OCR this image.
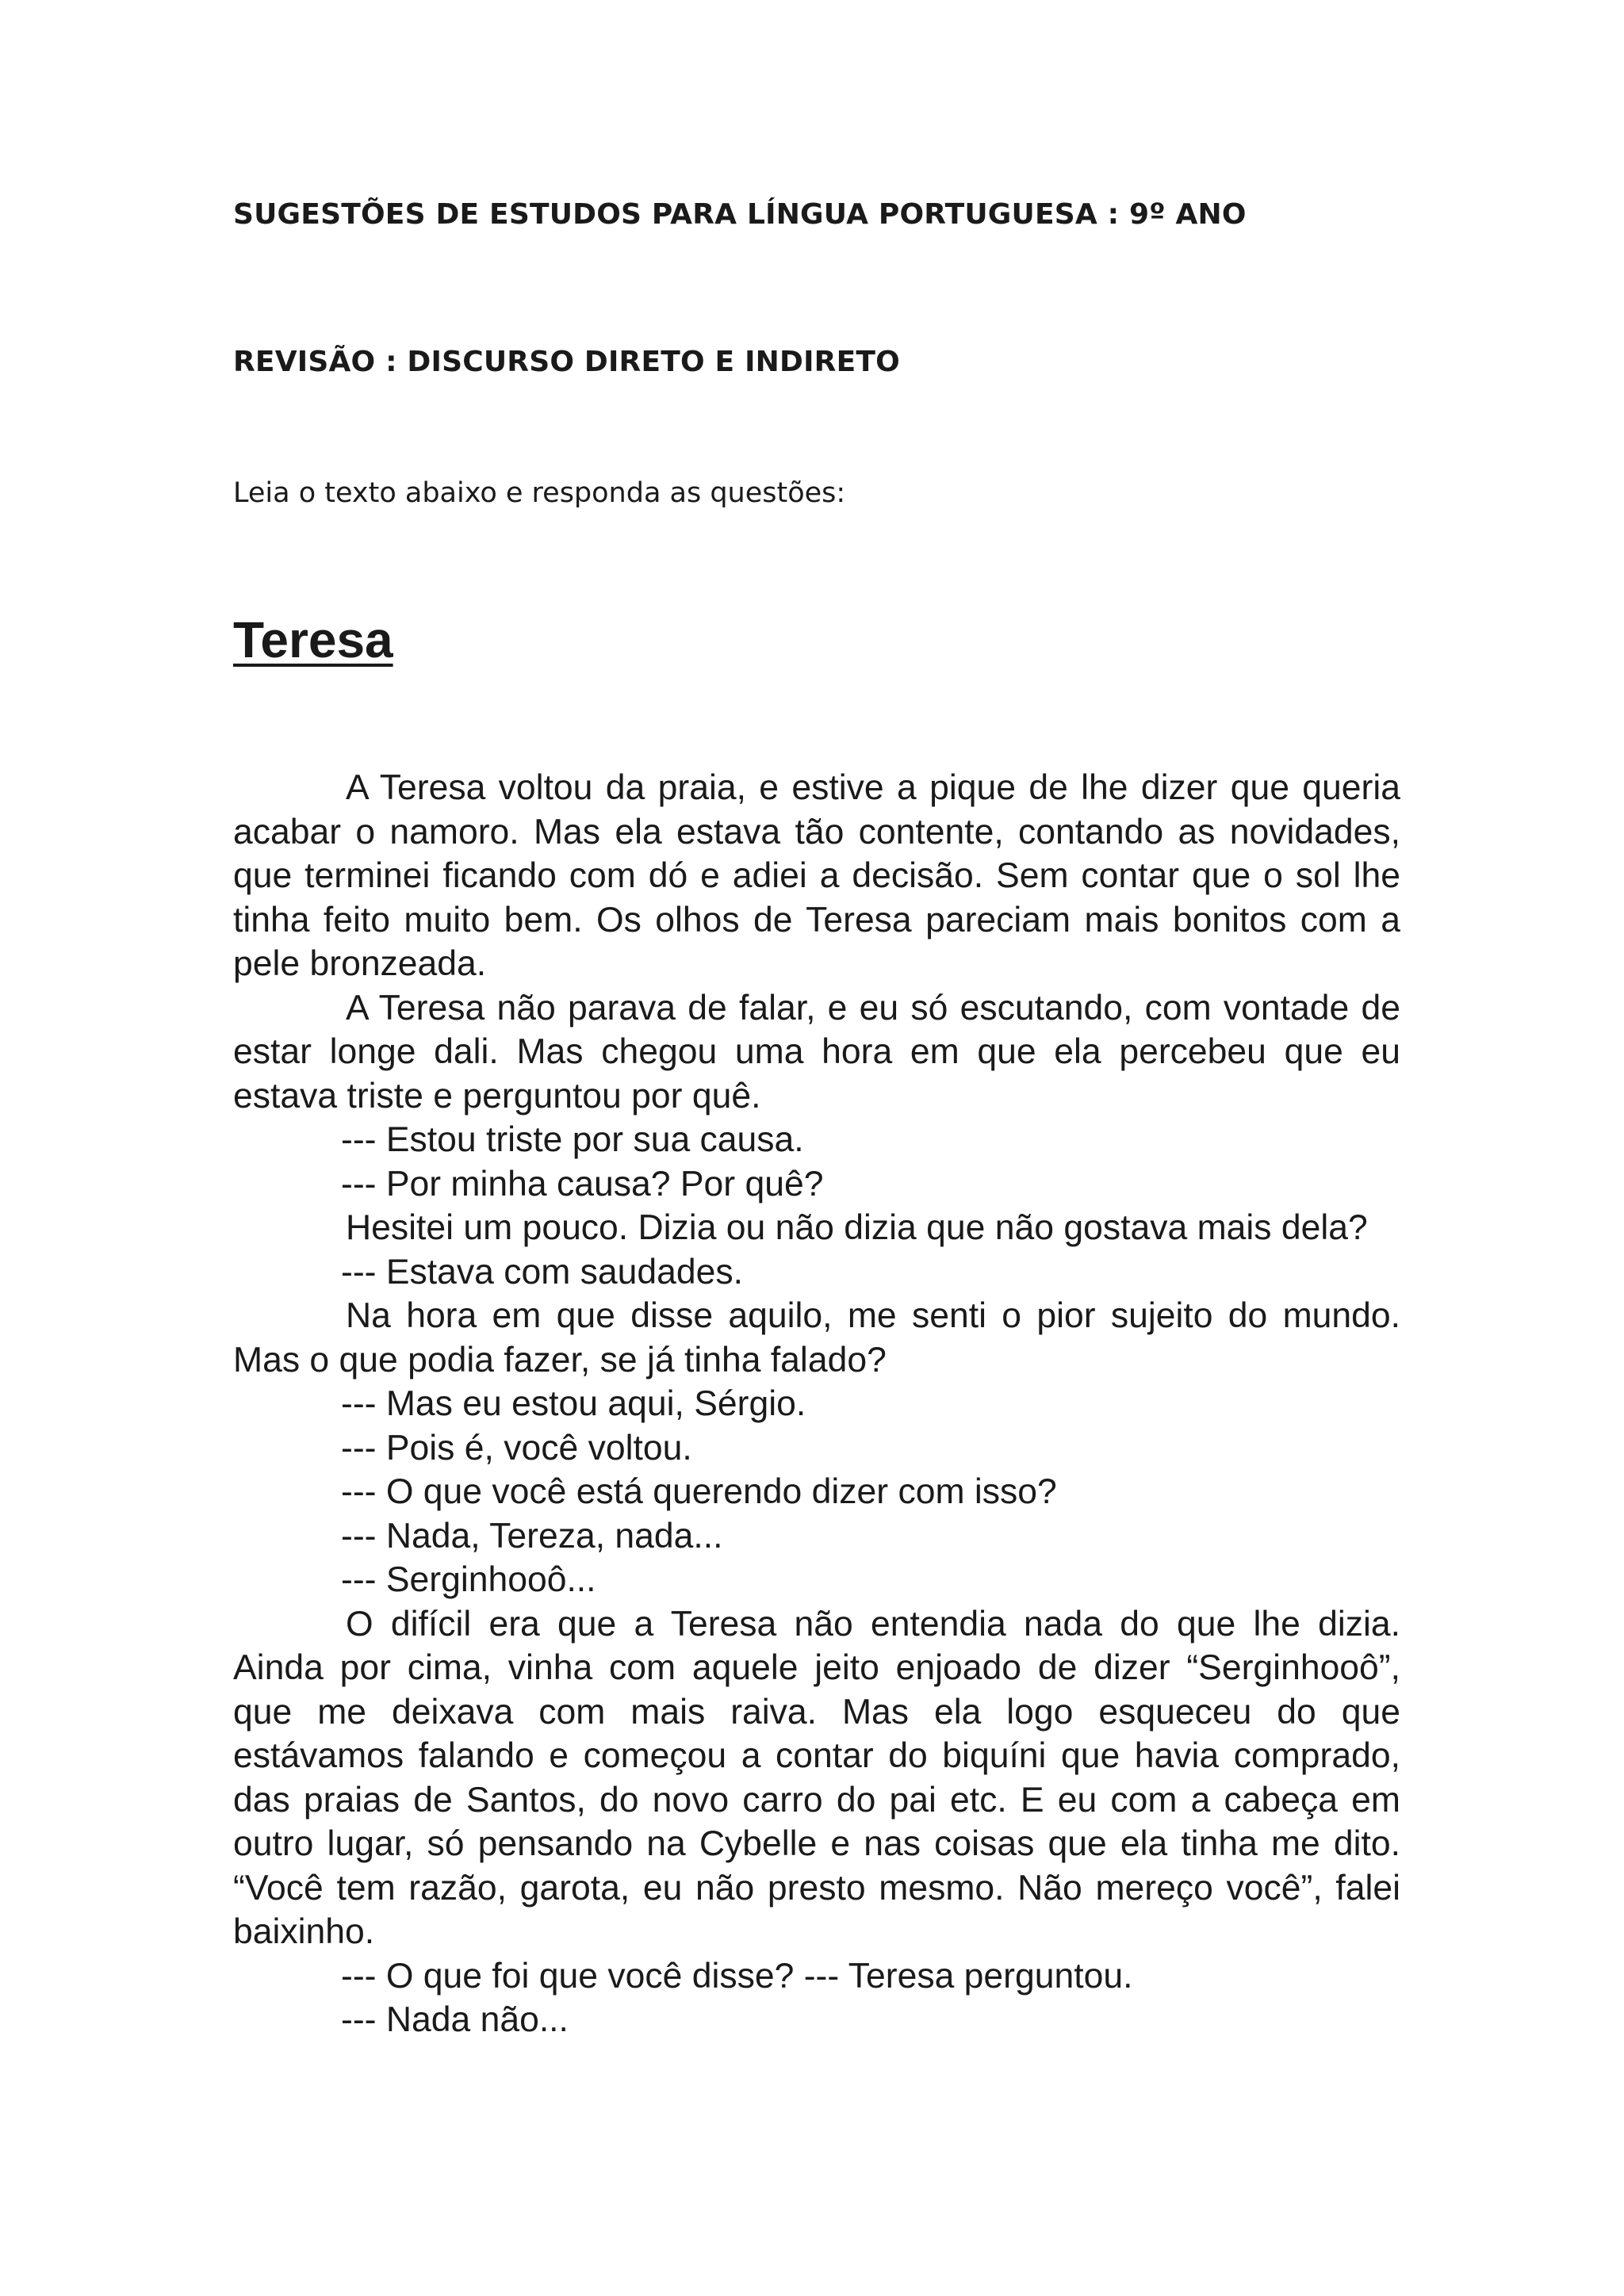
SUGESTÕES DE ESTUDOS PARA LÍNGUA PORTUGUESA : 9º ANO
REVISÃO : DISCURSO DIRETO E INDIRETO
Leia o texto abaixo e responda as questões:
Teresa

A Teresa voltou da praia, e estive a pique de lhe dizer que queria acabar o namoro. Mas ela estava tão contente, contando as novidades, que terminei ficando com dó e adiei a decisão. Sem contar que o sol lhe tinha feito muito bem. Os olhos de Teresa pareciam mais bonitos com a pele bronzeada.

A Teresa não parava de falar, e eu só escutando, com vontade de estar longe dali. Mas chegou uma hora em que ela percebeu que eu estava triste e perguntou por quê.

--- Estou triste por sua causa.

--- Por minha causa? Por quê?

Hesitei um pouco. Dizia ou não dizia que não gostava mais dela?

--- Estava com saudades.

Na hora em que disse aquilo, me senti o pior sujeito do mundo. Mas o que podia fazer, se já tinha falado?

--- Mas eu estou aqui, Sérgio.

--- Pois é, você voltou.

--- O que você está querendo dizer com isso?

--- Nada, Tereza, nada...

--- Serginhooô...

O difícil era que a Teresa não entendia nada do que lhe dizia. Ainda por cima, vinha com aquele jeito enjoado de dizer “Serginhooô”, que me deixava com mais raiva. Mas ela logo esqueceu do que estávamos falando e começou a contar do biquíni que havia comprado, das praias de Santos, do novo carro do pai etc. E eu com a cabeça em outro lugar, só pensando na Cybelle e nas coisas que ela tinha me dito. “Você tem razão, garota, eu não presto mesmo. Não mereço você”, falei baixinho.

--- O que foi que você disse? --- Teresa perguntou.

--- Nada não...
